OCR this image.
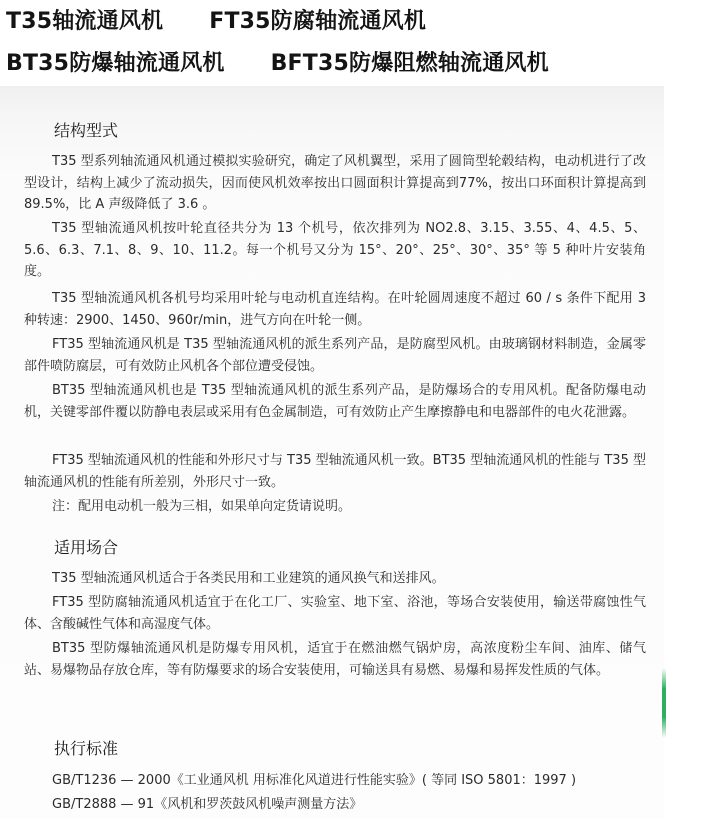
T35轴流通风机 FT35防腐轴流通风机
BT35防爆轴流通风机 BFT35防爆阻燃轴流通风机
结构型式
T35 型系列轴流通风机通过模拟实验研究，确定了风机翼型，采用了圆筒型轮毂结构，电动机进行了改型设计，结构上减少了流动损失，因而使风机效率按出口圆面积计算提高到77%，按出口环面积计算提高到 89.5%，比 A 声级降低了 3.6 。
T35 型轴流通风机按叶轮直径共分为 13 个机号，依次排列为 NO2.8、3.15、3.55、4、4.5、5、5.6、6.3、7.1、8、9、10、11.2。每一个机号又分为 15°、20°、25°、30°、35° 等 5 种叶片安装角度。
T35 型轴流通风机各机号均采用叶轮与电动机直连结构。在叶轮圆周速度不超过 60 / s 条件下配用 3 种转速：2900、1450、960r/min，进气方向在叶轮一侧。
FT35 型轴流通风机是 T35 型轴流通风机的派生系列产品，是防腐型风机。由玻璃钢材料制造，金属零部件喷防腐层，可有效防止风机各个部位遭受侵蚀。
BT35 型轴流通风机也是 T35 型轴流通风机的派生系列产品，是防爆场合的专用风机。配备防爆电动机，关键零部件覆以防静电表层或采用有色金属制造，可有效防止产生摩擦静电和电器部件的电火花泄露。
FT35 型轴流通风机的性能和外形尺寸与 T35 型轴流通风机一致。BT35 型轴流通风机的性能与 T35 型轴流通风机的性能有所差别，外形尺寸一致。
注：配用电动机一般为三相，如果单向定货请说明。
适用场合
T35 型轴流通风机适合于各类民用和工业建筑的通风换气和送排风。
FT35 型防腐轴流通风机适宜于在化工厂、实验室、地下室、浴池，等场合安装使用，输送带腐蚀性气体、含酸碱性气体和高湿度气体。
BT35 型防爆轴流通风机是防爆专用风机，适宜于在燃油燃气锅炉房，高浓度粉尘车间、油库、储气站、易爆物品存放仓库，等有防爆要求的场合安装使用，可输送具有易燃、易爆和易挥发性质的气体。
执行标准
GB/T1236 — 2000《工业通风机 用标准化风道进行性能实验》( 等同 ISO 5801：1997 )
GB/T2888 — 91《风机和罗茨鼓风机噪声测量方法》
